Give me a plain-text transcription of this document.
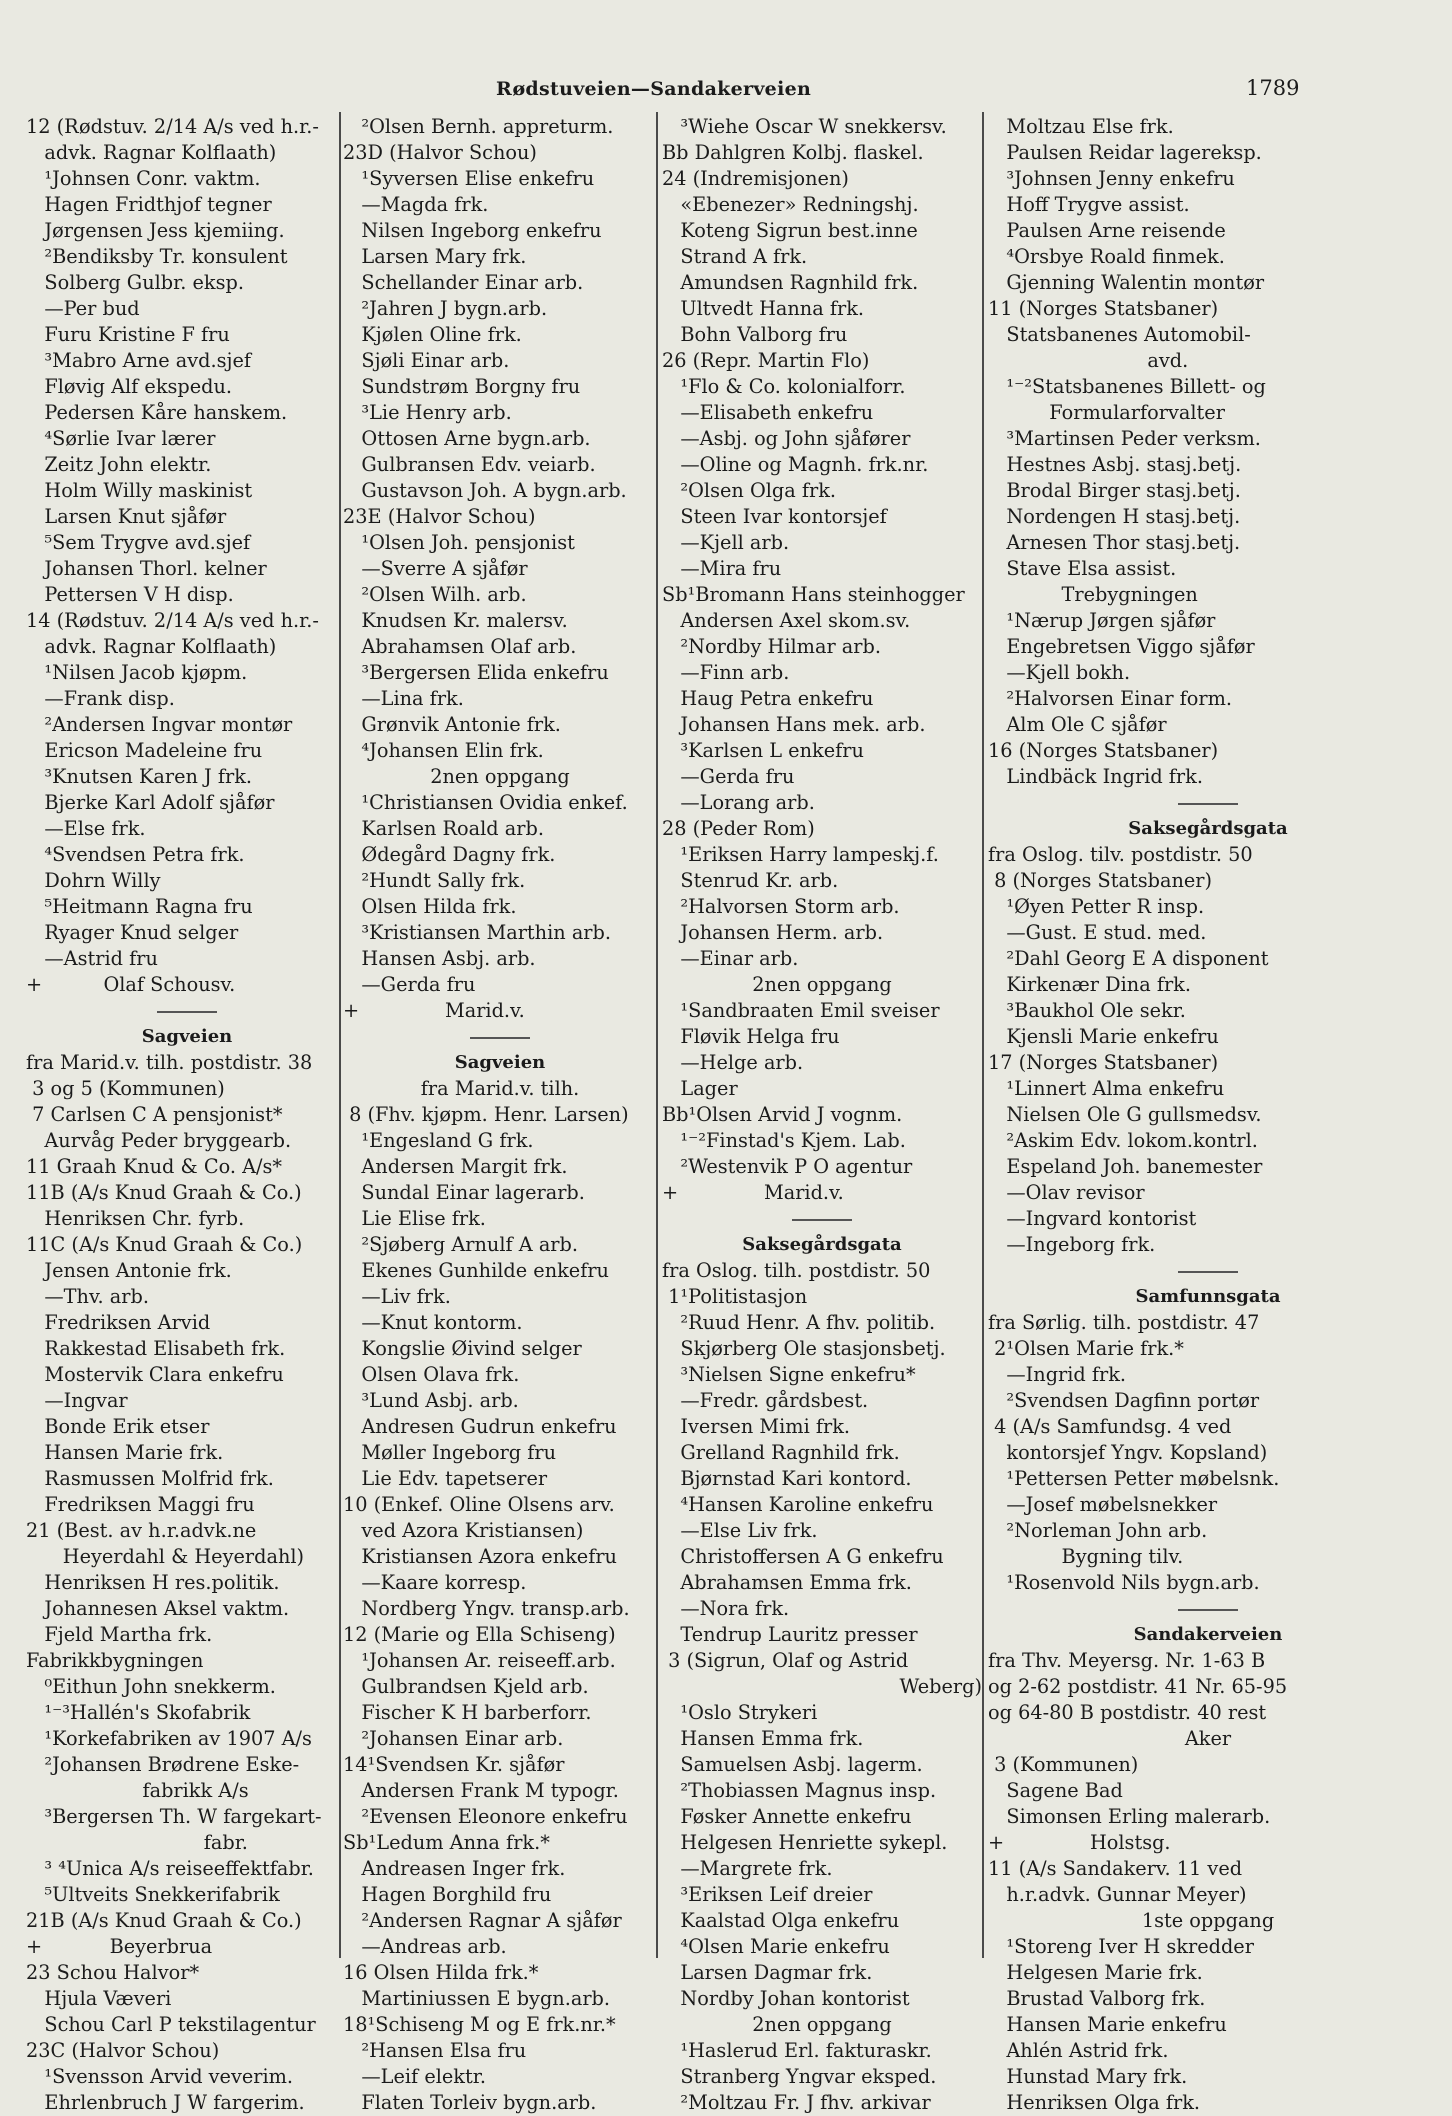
Rødstuveien—Sandakerveien	1789
12 (Rødstuv. 2/14 A/s ved h.r.-
advk. Ragnar Kolflaath)
¹Johnsen Conr. vaktm.
Hagen Fridthjof tegner
Jørgensen Jess kjemiing.
²Bendiksby Tr. konsulent
Solberg Gulbr. eksp.
—Per bud
Furu Kristine F fru
³Mabro Arne avd.sjef
Fløvig Alf ekspedu.
Pedersen Kåre hanskem.
⁴Sørlie Ivar lærer
Zeitz John elektr.
Holm Willy maskinist
Larsen Knut sjåfør
⁵Sem Trygve avd.sjef
Johansen Thorl. kelner
Pettersen V H disp.
14 (Rødstuv. 2/14 A/s ved h.r.-
advk. Ragnar Kolflaath)
¹Nilsen Jacob kjøpm.
—Frank disp.
²Andersen Ingvar montør
Ericson Madeleine fru
³Knutsen Karen J frk.
Bjerke Karl Adolf sjåfør
—Else frk.
⁴Svendsen Petra frk.
Dohrn Willy
⁵Heitmann Ragna fru
Ryager Knud selger
—Astrid fru
+          Olaf Schousv.
Sagveien
fra Marid.v. tilh. postdistr. 38
3 og 5 (Kommunen)
7 Carlsen C A pensjonist*
Aurvåg Peder bryggearb.
11 Graah Knud & Co. A/s*
11B (A/s Knud Graah & Co.)
Henriksen Chr. fyrb.
11C (A/s Knud Graah & Co.)
Jensen Antonie frk.
—Thv. arb.
Fredriksen Arvid
Rakkestad Elisabeth frk.
Mostervik Clara enkefru
—Ingvar
Bonde Erik etser
Hansen Marie frk.
Rasmussen Molfrid frk.
Fredriksen Maggi fru
21 (Best. av h.r.advk.ne
Heyerdahl & Heyerdahl)
Henriksen H res.politik.
Johannesen Aksel vaktm.
Fjeld Martha frk.
Fabrikkbygningen
⁰Eithun John snekkerm.
¹⁻³Hallén's Skofabrik
¹Korkefabriken av 1907 A/s
²Johansen Brødrene Eske-
fabrikk A/s
³Bergersen Th. W fargekart-
fabr.
³ ⁴Unica A/s reiseeffektfabr.
⁵Ultveits Snekkerifabrik
21B (A/s Knud Graah & Co.)
+           Beyerbrua
23 Schou Halvor*
Hjula Væveri
Schou Carl P tekstilagentur
23C (Halvor Schou)
¹Svensson Arvid veverim.
Ehrlenbruch J W fargerim.
²Olsen Bernh. appreturm.
23D (Halvor Schou)
¹Syversen Elise enkefru
—Magda frk.
Nilsen Ingeborg enkefru
Larsen Mary frk.
Schellander Einar arb.
²Jahren J bygn.arb.
Kjølen Oline frk.
Sjøli Einar arb.
Sundstrøm Borgny fru
³Lie Henry arb.
Ottosen Arne bygn.arb.
Gulbransen Edv. veiarb.
Gustavson Joh. A bygn.arb.
23E (Halvor Schou)
¹Olsen Joh. pensjonist
—Sverre A sjåfør
²Olsen Wilh. arb.
Knudsen Kr. malersv.
Abrahamsen Olaf arb.
³Bergersen Elida enkefru
—Lina frk.
Grønvik Antonie frk.
⁴Johansen Elin frk.
2nen oppgang
¹Christiansen Ovidia enkef.
Karlsen Roald arb.
Ødegård Dagny frk.
²Hundt Sally frk.
Olsen Hilda frk.
³Kristiansen Marthin arb.
Hansen Asbj. arb.
—Gerda fru
+              Marid.v.
Sagveien
fra Marid.v. tilh.
8 (Fhv. kjøpm. Henr. Larsen)
¹Engesland G frk.
Andersen Margit frk.
Sundal Einar lagerarb.
Lie Elise frk.
²Sjøberg Arnulf A arb.
Ekenes Gunhilde enkefru
—Liv frk.
—Knut kontorm.
Kongslie Øivind selger
Olsen Olava frk.
³Lund Asbj. arb.
Andresen Gudrun enkefru
Møller Ingeborg fru
Lie Edv. tapetserer
10 (Enkef. Oline Olsens arv.
ved Azora Kristiansen)
Kristiansen Azora enkefru
—Kaare korresp.
Nordberg Yngv. transp.arb.
12 (Marie og Ella Schiseng)
¹Johansen Ar. reiseeff.arb.
Gulbrandsen Kjeld arb.
Fischer K H barberforr.
²Johansen Einar arb.
14¹Svendsen Kr. sjåfør
Andersen Frank M typogr.
²Evensen Eleonore enkefru
Sb¹Ledum Anna frk.*
Andreasen Inger frk.
Hagen Borghild fru
²Andersen Ragnar A sjåfør
—Andreas arb.
16 Olsen Hilda frk.*
Martiniussen E bygn.arb.
18¹Schiseng M og E frk.nr.*
²Hansen Elsa fru
—Leif elektr.
Flaten Torleiv bygn.arb.
³Wiehe Oscar W snekkersv.
Bb Dahlgren Kolbj. flaskel.
24 (Indremisjonen)
«Ebenezer» Redningshj.
Koteng Sigrun best.inne
Strand A frk.
Amundsen Ragnhild frk.
Ultvedt Hanna frk.
Bohn Valborg fru
26 (Repr. Martin Flo)
¹Flo & Co. kolonialforr.
—Elisabeth enkefru
—Asbj. og John sjåfører
—Oline og Magnh. frk.nr.
²Olsen Olga frk.
Steen Ivar kontorsjef
—Kjell arb.
—Mira fru
Sb¹Bromann Hans steinhogger
Andersen Axel skom.sv.
²Nordby Hilmar arb.
—Finn arb.
Haug Petra enkefru
Johansen Hans mek. arb.
³Karlsen L enkefru
—Gerda fru
—Lorang arb.
28 (Peder Rom)
¹Eriksen Harry lampeskj.f.
Stenrud Kr. arb.
²Halvorsen Storm arb.
Johansen Herm. arb.
—Einar arb.
2nen oppgang
¹Sandbraaten Emil sveiser
Fløvik Helga fru
—Helge arb.
Lager
Bb¹Olsen Arvid J vognm.
¹⁻²Finstad's Kjem. Lab.
²Westenvik P O agentur
+              Marid.v.
Saksegårdsgata
fra Oslog. tilh. postdistr. 50
1¹Politistasjon
²Ruud Henr. A fhv. politib.
Skjørberg Ole stasjonsbetj.
³Nielsen Signe enkefru*
—Fredr. gårdsbest.
Iversen Mimi frk.
Grelland Ragnhild frk.
Bjørnstad Kari kontord.
⁴Hansen Karoline enkefru
—Else Liv frk.
Christoffersen A G enkefru
Abrahamsen Emma frk.
—Nora frk.
Tendrup Lauritz presser
3 (Sigrun, Olaf og Astrid
Weberg)
¹Oslo Strykeri
Hansen Emma frk.
Samuelsen Asbj. lagerm.
²Thobiassen Magnus insp.
Føsker Annette enkefru
Helgesen Henriette sykepl.
—Margrete frk.
³Eriksen Leif dreier
Kaalstad Olga enkefru
⁴Olsen Marie enkefru
Larsen Dagmar frk.
Nordby Johan kontorist
2nen oppgang
¹Haslerud Erl. fakturaskr.
Stranberg Yngvar eksped.
²Moltzau Fr. J fhv. arkivar
Moltzau Else frk.
Paulsen Reidar lagereksp.
³Johnsen Jenny enkefru
Hoff Trygve assist.
Paulsen Arne reisende
⁴Orsbye Roald finmek.
Gjenning Walentin montør
11 (Norges Statsbaner)
Statsbanenes Automobil-
avd.
¹⁻²Statsbanenes Billett- og
Formularforvalter
³Martinsen Peder verksm.
Hestnes Asbj. stasj.betj.
Brodal Birger stasj.betj.
Nordengen H stasj.betj.
Arnesen Thor stasj.betj.
Stave Elsa assist.
Trebygningen
¹Nærup Jørgen sjåfør
Engebretsen Viggo sjåfør
—Kjell bokh.
²Halvorsen Einar form.
Alm Ole C sjåfør
16 (Norges Statsbaner)
Lindbäck Ingrid frk.
Saksegårdsgata
fra Oslog. tilv. postdistr. 50
8 (Norges Statsbaner)
¹Øyen Petter R insp.
—Gust. E stud. med.
²Dahl Georg E A disponent
Kirkenær Dina frk.
³Baukhol Ole sekr.
Kjensli Marie enkefru
17 (Norges Statsbaner)
¹Linnert Alma enkefru
Nielsen Ole G gullsmedsv.
²Askim Edv. lokom.kontrl.
Espeland Joh. banemester
—Olav revisor
—Ingvard kontorist
—Ingeborg frk.
Samfunnsgata
fra Sørlig. tilh. postdistr. 47
2¹Olsen Marie frk.*
—Ingrid frk.
²Svendsen Dagfinn portør
4 (A/s Samfundsg. 4 ved
kontorsjef Yngv. Kopsland)
¹Pettersen Petter møbelsnk.
—Josef møbelsnekker
²Norleman John arb.
Bygning tilv.
¹Rosenvold Nils bygn.arb.
Sandakerveien
fra Thv. Meyersg. Nr. 1-63 B
og 2-62 postdistr. 41 Nr. 65-95
og 64-80 B postdistr. 40 rest
Aker
3 (Kommunen)
Sagene Bad
Simonsen Erling malerarb.
+              Holstsg.
11 (A/s Sandakerv. 11 ved
h.r.advk. Gunnar Meyer)
1ste oppgang
¹Storeng Iver H skredder
Helgesen Marie frk.
Brustad Valborg frk.
Hansen Marie enkefru
Ahlén Astrid frk.
Hunstad Mary frk.
Henriksen Olga frk.
